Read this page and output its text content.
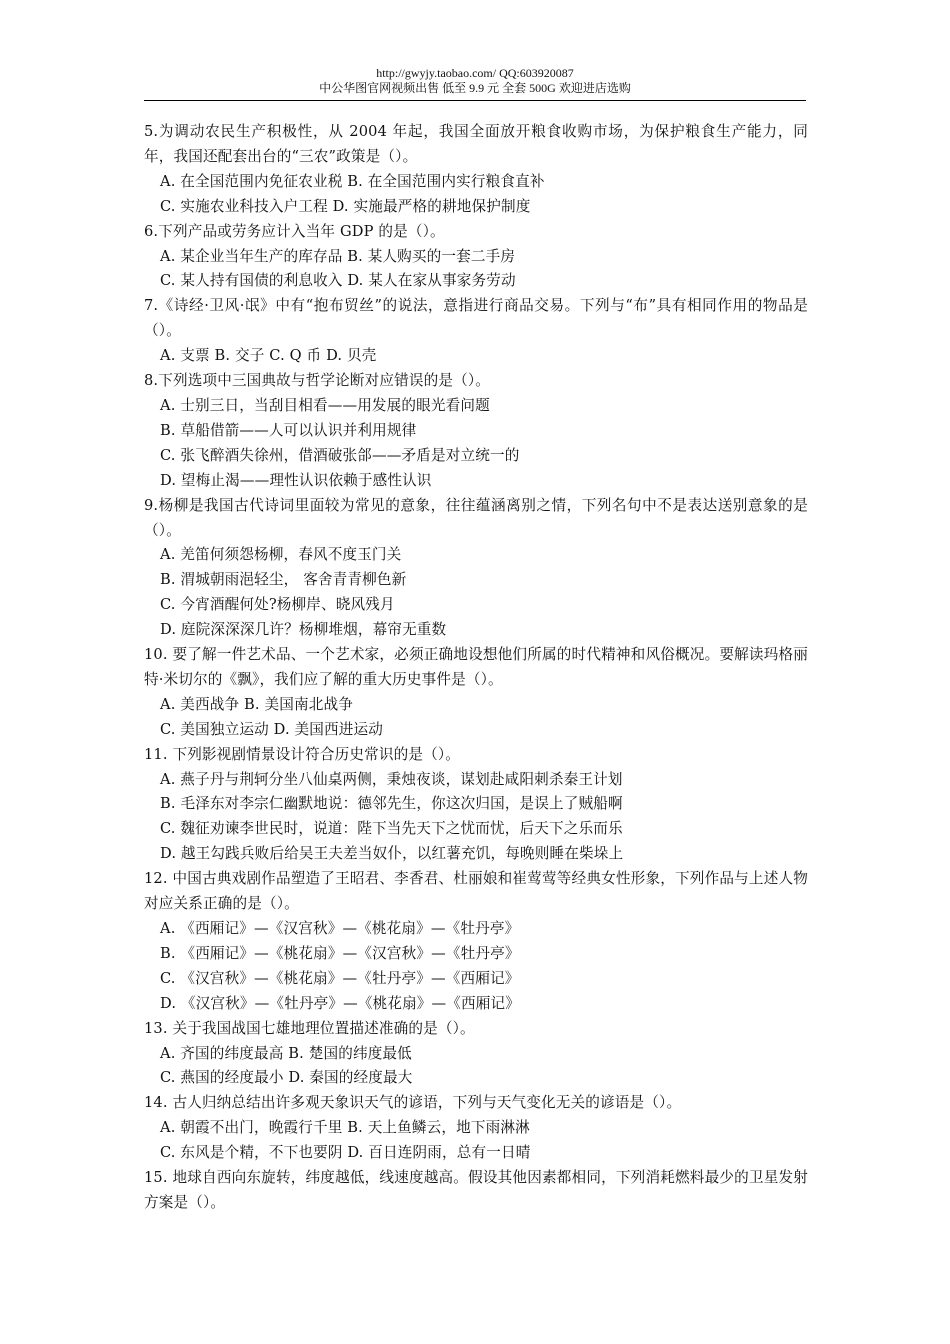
http://gwyjy.taobao.com/ QQ:603920087
中公华图官网视频出售 低至 9.9 元 全套 500G 欢迎进店选购

5.为调动农民生产积极性，从 2004 年起，我国全面放开粮食收购市场，为保护粮食生产能力，同年，我国还配套出台的“三农”政策是（）。

A. 在全国范围内免征农业税 B. 在全国范围内实行粮食直补

C. 实施农业科技入户工程 D. 实施最严格的耕地保护制度

6.下列产品或劳务应计入当年 GDP 的是（）。

A. 某企业当年生产的库存品 B. 某人购买的一套二手房

C. 某人持有国债的利息收入 D. 某人在家从事家务劳动

7.《诗经·卫风·氓》中有“抱布贸丝”的说法，意指进行商品交易。下列与“布”具有相同作用的物品是（）。

A. 支票 B. 交子 C. Q 币 D. 贝壳

8.下列选项中三国典故与哲学论断对应错误的是（）。

A. 士别三日，当刮目相看——用发展的眼光看问题

B. 草船借箭——人可以认识并利用规律

C. 张飞醉酒失徐州，借酒破张郃——矛盾是对立统一的

D. 望梅止渴——理性认识依赖于感性认识

9.杨柳是我国古代诗词里面较为常见的意象，往往蕴涵离别之情，下列名句中不是表达送别意象的是（）。

A. 羌笛何须怨杨柳，春风不度玉门关

B. 渭城朝雨浥轻尘， 客舍青青柳色新

C. 今宵酒醒何处?杨柳岸、晓风残月

D. 庭院深深深几许？杨柳堆烟，幕帘无重数

10. 要了解一件艺术品、一个艺术家，必须正确地设想他们所属的时代精神和风俗概况。要解读玛格丽特·米切尔的《飘》，我们应了解的重大历史事件是（）。

A. 美西战争 B. 美国南北战争

C. 美国独立运动 D. 美国西进运动

11. 下列影视剧情景设计符合历史常识的是（）。

A. 燕子丹与荆轲分坐八仙桌两侧，秉烛夜谈，谋划赴咸阳刺杀秦王计划

B. 毛泽东对李宗仁幽默地说：德邻先生，你这次归国，是误上了贼船啊

C. 魏征劝谏李世民时，说道：陛下当先天下之忧而忧，后天下之乐而乐

D. 越王勾践兵败后给吴王夫差当奴仆，以红薯充饥，每晚则睡在柴垛上

12. 中国古典戏剧作品塑造了王昭君、李香君、杜丽娘和崔莺莺等经典女性形象，下列作品与上述人物对应关系正确的是（）。

A. 《西厢记》—《汉宫秋》—《桃花扇》—《牡丹亭》

B. 《西厢记》—《桃花扇》—《汉宫秋》—《牡丹亭》

C. 《汉宫秋》—《桃花扇》—《牡丹亭》—《西厢记》

D. 《汉宫秋》—《牡丹亭》—《桃花扇》—《西厢记》

13. 关于我国战国七雄地理位置描述准确的是（）。

A. 齐国的纬度最高 B. 楚国的纬度最低

C. 燕国的经度最小 D. 秦国的经度最大

14. 古人归纳总结出许多观天象识天气的谚语，下列与天气变化无关的谚语是（）。

A. 朝霞不出门，晚霞行千里 B. 天上鱼鳞云，地下雨淋淋

C. 东风是个精，不下也要阴 D. 百日连阴雨，总有一日晴

15. 地球自西向东旋转，纬度越低，线速度越高。假设其他因素都相同，下列消耗燃料最少的卫星发射方案是（）。
